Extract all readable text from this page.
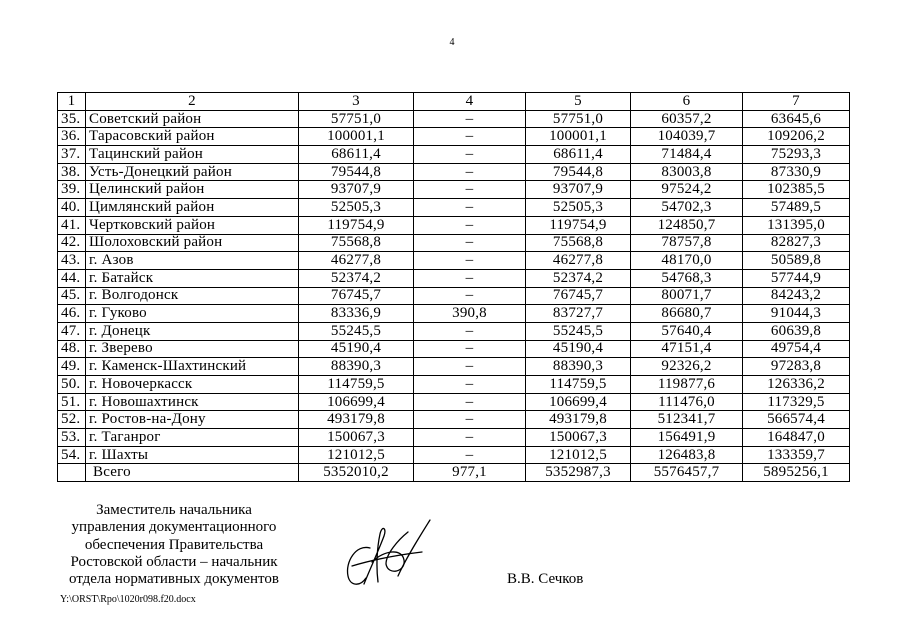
4
1	2	3	4	5	6	7
35.	Советский район	57751,0	–	57751,0	60357,2	63645,6
36.	Тарасовский район	100001,1	–	100001,1	104039,7	109206,2
37.	Тацинский район	68611,4	–	68611,4	71484,4	75293,3
38.	Усть-Донецкий район	79544,8	–	79544,8	83003,8	87330,9
39.	Целинский район	93707,9	–	93707,9	97524,2	102385,5
40.	Цимлянский район	52505,3	–	52505,3	54702,3	57489,5
41.	Чертковский район	119754,9	–	119754,9	124850,7	131395,0
42.	Шолоховский район	75568,8	–	75568,8	78757,8	82827,3
43.	г. Азов	46277,8	–	46277,8	48170,0	50589,8
44.	г. Батайск	52374,2	–	52374,2	54768,3	57744,9
45.	г. Волгодонск	76745,7	–	76745,7	80071,7	84243,2
46.	г. Гуково	83336,9	390,8	83727,7	86680,7	91044,3
47.	г. Донецк	55245,5	–	55245,5	57640,4	60639,8
48.	г. Зверево	45190,4	–	45190,4	47151,4	49754,4
49.	г. Каменск-Шахтинский	88390,3	–	88390,3	92326,2	97283,8
50.	г. Новочеркасск	114759,5	–	114759,5	119877,6	126336,2
51.	г. Новошахтинск	106699,4	–	106699,4	111476,0	117329,5
52.	г. Ростов-на-Дону	493179,8	–	493179,8	512341,7	566574,4
53.	г. Таганрог	150067,3	–	150067,3	156491,9	164847,0
54.	г. Шахты	121012,5	–	121012,5	126483,8	133359,7
	Всего	5352010,2	977,1	5352987,3	5576457,7	5895256,1
Заместитель начальника
управления документационного
обеспечения Правительства
Ростовской области – начальник
отдела нормативных документов	В.В. Сечков
Y:\ORST\Rpo\1020r098.f20.docx
